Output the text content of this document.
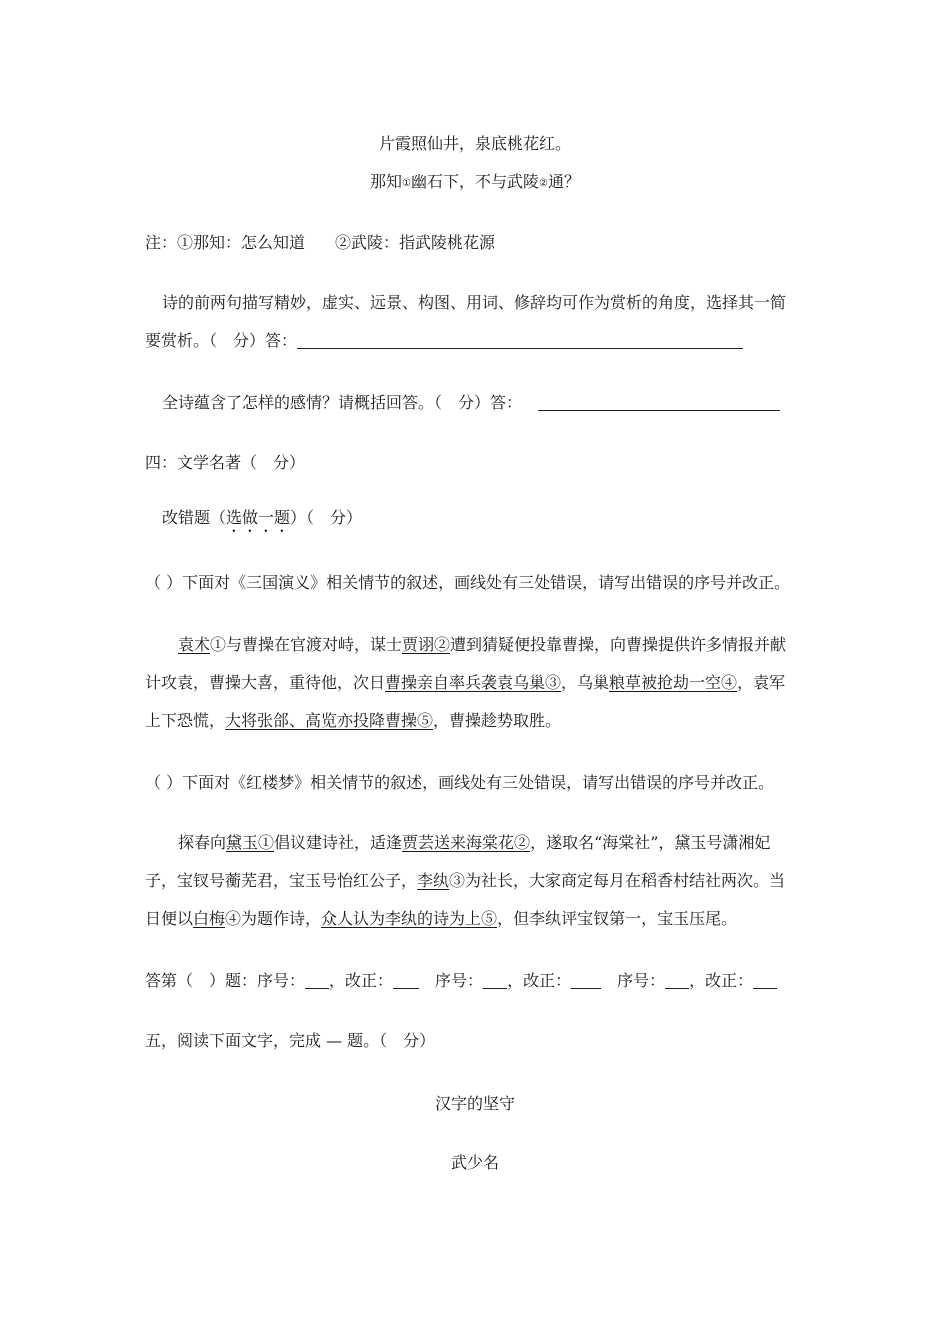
片霞照仙井，泉底桃花红。
那知①幽石下，不与武陵②通？
注：①那知：怎么知道 ②武陵：指武陵桃花源
诗的前两句描写精妙，虚实、远景、构图、用词、修辞均可作为赏析的角度，选择其一简
要赏析。（　分）答：
全诗蕴含了怎样的感情？请概括回答。（　分）答：
四：文学名著（　分）
改错题（选做一题）（　分）
（ ）下面对《三国演义》相关情节的叙述，画线处有三处错误，请写出错误的序号并改正。
袁术①与曹操在官渡对峙，谋士贾诩②遭到猜疑便投靠曹操，向曹操提供许多情报并献
计攻袁，曹操大喜，重待他，次日曹操亲自率兵袭袁乌巢③，乌巢粮草被抢劫一空④，袁军
上下恐慌，大将张郃、高览亦投降曹操⑤，曹操趁势取胜。
（ ）下面对《红楼梦》相关情节的叙述，画线处有三处错误，请写出错误的序号并改正。
探春向黛玉①倡议建诗社，适逢贾芸送来海棠花②，遂取名“海棠社”，黛玉号潇湘妃
子，宝钗号蘅芜君，宝玉号怡红公子，李纨③为社长，大家商定每月在稻香村结社两次。当
日便以白梅④为题作诗，众人认为李纨的诗为上⑤，但李纨评宝钗第一，宝玉压尾。
答第（　）题：序号： ，改正：	序号： ，改正：	序号： ，改正：
五，阅读下面文字，完成 — 题。（　分）
汉字的坚守
武少名
